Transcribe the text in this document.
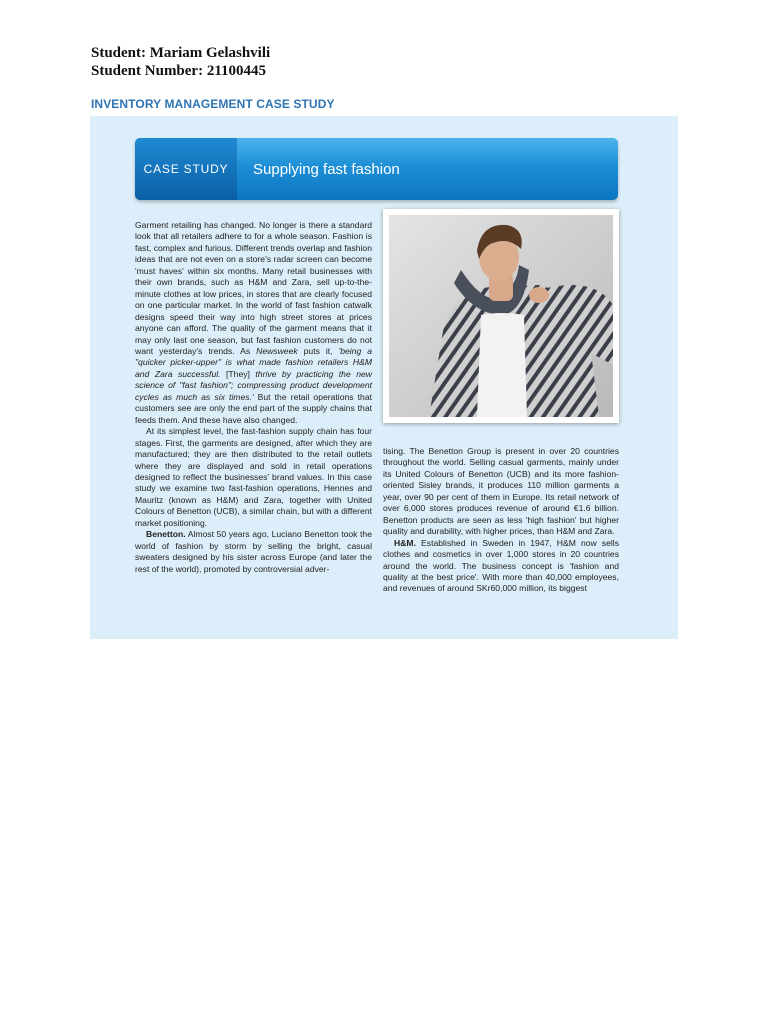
Student: Mariam Gelashvili
Student Number: 21100445
INVENTORY MANAGEMENT CASE STUDY
CASE STUDY	Supplying fast fashion

Garment retailing has changed. No longer is there a standard look that all retailers adhere to for a whole season. Fashion is fast, complex and furious. Different trends overlap and fashion ideas that are not even on a store's radar screen can become 'must haves' within six months. Many retail businesses with their own brands, such as H&M and Zara, sell up-to-the-minute clothes at low prices, in stores that are clearly focused on one particular market. In the world of fast fashion catwalk designs speed their way into high street stores at prices anyone can afford. The quality of the garment means that it may only last one season, but fast fashion customers do not want yesterday's trends. As Newsweek puts it, 'being a "quicker picker-upper" is what made fashion retailers H&M and Zara successful. [They] thrive by practicing the new science of "fast fashion"; compressing product development cycles as much as six times.' But the retail operations that customers see are only the end part of the supply chains that feeds them. And these have also changed.

At its simplest level, the fast-fashion supply chain has four stages. First, the garments are designed, after which they are manufactured; they are then distributed to the retail outlets where they are displayed and sold in retail operations designed to reflect the businesses' brand values. In this case study we examine two fast-fashion operations, Hennes and Mauritz (known as H&M) and Zara, together with United Colours of Benetton (UCB), a similar chain, but with a different market positioning.

Benetton. Almost 50 years ago, Luciano Benetton took the world of fashion by storm by selling the bright, casual sweaters designed by his sister across Europe (and later the rest of the world), promoted by controversial adver-

tising. The Benetton Group is present in over 20 countries throughout the world. Selling casual garments, mainly under its United Colours of Benetton (UCB) and its more fashion-oriented Sisley brands, it produces 110 million garments a year, over 90 per cent of them in Europe. Its retail network of over 6,000 stores produces revenue of around €1.6 billion. Benetton products are seen as less 'high fashion' but higher quality and durability, with higher prices, than H&M and Zara.

H&M. Established in Sweden in 1947, H&M now sells clothes and cosmetics in over 1,000 stores in 20 countries around the world. The business concept is 'fashion and quality at the best price'. With more than 40,000 employees, and revenues of around SKr60,000 million, its biggest
